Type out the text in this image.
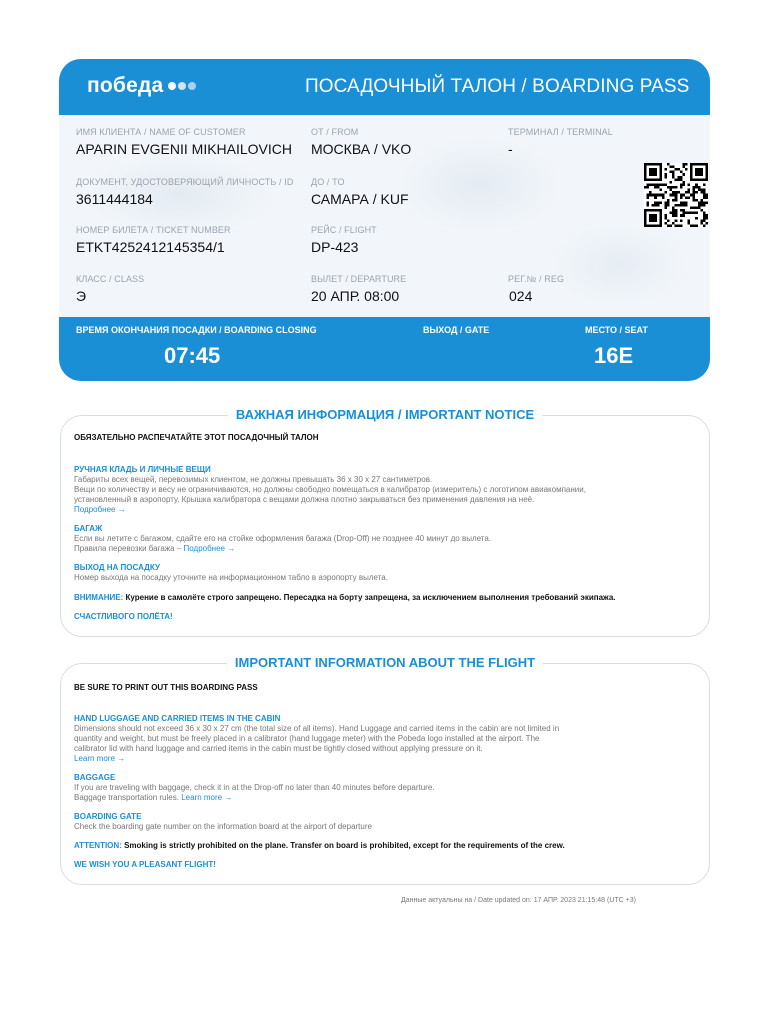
победа	ПОСАДОЧНЫЙ ТАЛОН / BOARDING PASS
ИМЯ КЛИЕНТА / NAME OF CUSTOMER
APARIN EVGENII MIKHAILOVICH
ОТ / FROM
МОСКВА / VKO
ТЕРМИНАЛ / TERMINAL
-
ДОКУМЕНТ, УДОСТОВЕРЯЮЩИЙ ЛИЧНОСТЬ / ID
3611444184
ДО / TO
САМАРА / KUF
НОМЕР БИЛЕТА / TICKET NUMBER
ETKT4252412145354/1
РЕЙС / FLIGHT
DP-423
КЛАСС / CLASS
Э
ВЫЛЕТ / DEPARTURE
20 АПР. 08:00
РЕГ.№ / REG
024
ВРЕМЯ ОКОНЧАНИЯ ПОСАДКИ / BOARDING CLOSING
07:45
ВЫХОД / GATE	МЕСТО / SEAT
16E
ВАЖНАЯ ИНФОРМАЦИЯ / IMPORTANT NOTICE
ОБЯЗАТЕЛЬНО РАСПЕЧАТАЙТЕ ЭТОТ ПОСАДОЧНЫЙ ТАЛОН
РУЧНАЯ КЛАДЬ И ЛИЧНЫЕ ВЕЩИ
Габариты всех вещей, перевозимых клиентом, не должны превышать 36 х 30 х 27 сантиметров.
Вещи по количеству и весу не ограничиваются, но должны свободно помещаться в калибратор (измеритель) с логотипом авиакомпании,
установленный в аэропорту. Крышка калибратора с вещами должна плотно закрываться без применения давления на неё.
Подробнее →
БАГАЖ
Если вы летите с багажом, сдайте его на стойке оформления багажа (Drop-Off) не позднее 40 минут до вылета.
Правила перевозки багажа – Подробнее →
ВЫХОД НА ПОСАДКУ
Номер выхода на посадку уточните на информационном табло в аэропорту вылета.
ВНИМАНИЕ: Курение в самолёте строго запрещено. Пересадка на борту запрещена, за исключением выполнения требований экипажа.
СЧАСТЛИВОГО ПОЛЁТА!
IMPORTANT INFORMATION ABOUT THE FLIGHT
BE SURE TO PRINT OUT THIS BOARDING PASS
HAND LUGGAGE AND CARRIED ITEMS IN THE CABIN
Dimensions should not exceed 36 x 30 x 27 cm (the total size of all items). Hand Luggage and carried items in the cabin are not limited in
quantity and weight, but must be freely placed in a calibrator (hand luggage meter) with the Pobeda logo installed at the airport. The
calibrator lid with hand luggage and carried items in the cabin must be tightly closed without applying pressure on it.
Learn more →
BAGGAGE
If you are traveling with baggage, check it in at the Drop-off no later than 40 minutes before departure.
Baggage transportation rules. Learn more →
BOARDING GATE
Check the boarding gate number on the information board at the airport of departure
ATTENTION: Smoking is strictly prohibited on the plane. Transfer on board is prohibited, except for the requirements of the crew.
WE WISH YOU A PLEASANT FLIGHT!
Данные актуальны на / Date updated on: 17 АПР. 2023 21:15:48 (UTC +3)
